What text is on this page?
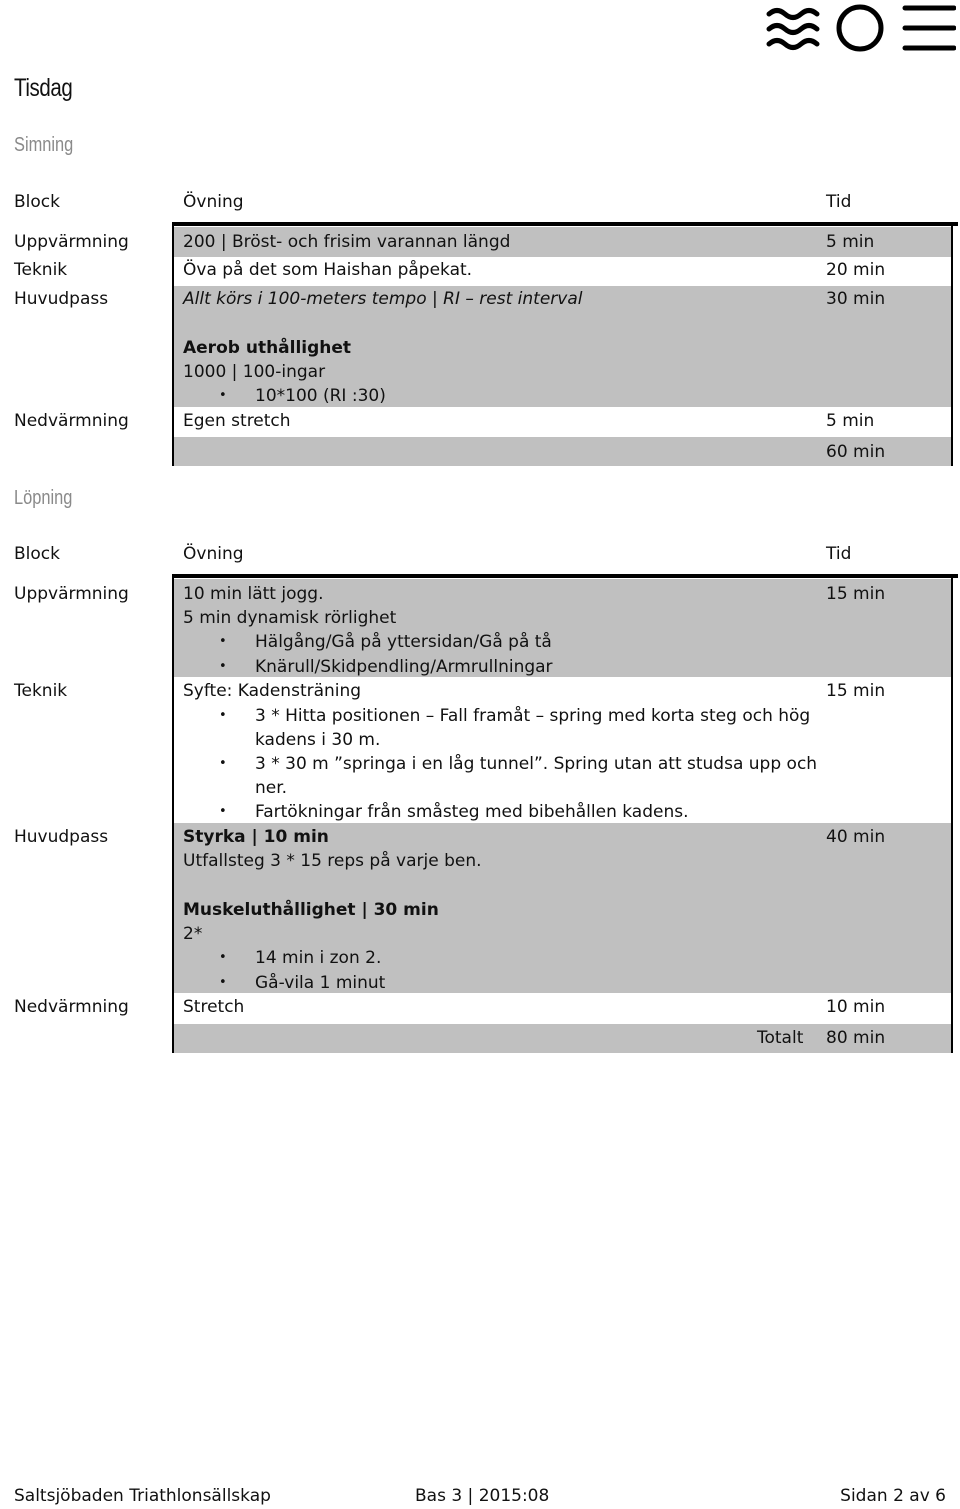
Tisdag
Simning
Block	Övning	Tid
Uppvärmning	200 | Bröst- och frisim varannan längd	5 min
Teknik	Öva på det som Haishan påpekat.	20 min
Huvudpass	Allt körs i 100-meters tempo | RI – rest interval	30 min
Aerob uthållighet
1000 | 100-ingar
• 10*100 (RI :30)
Nedvärmning	Egen stretch	5 min
60 min
Löpning
Block	Övning	Tid
Uppvärmning	10 min lätt jogg.	15 min
5 min dynamisk rörlighet
• Hälgång/Gå på yttersidan/Gå på tå
• Knärull/Skidpendling/Armrullningar
Teknik	Syfte: Kadensträning	15 min
• 3 * Hitta positionen – Fall framåt – spring med korta steg och hög
kadens i 30 m.
• 3 * 30 m ”springa i en låg tunnel”. Spring utan att studsa upp och
ner.
• Fartökningar från småsteg med bibehållen kadens.
Huvudpass	Styrka | 10 min	40 min
Utfallsteg 3 * 15 reps på varje ben.
Muskeluthållighet | 30 min
2*
• 14 min i zon 2.
• Gå-vila 1 minut
Nedvärmning	Stretch	10 min
Totalt 80 min
Saltsjöbaden Triathlonsällskap	Bas 3 | 2015:08	Sidan 2 av 6
